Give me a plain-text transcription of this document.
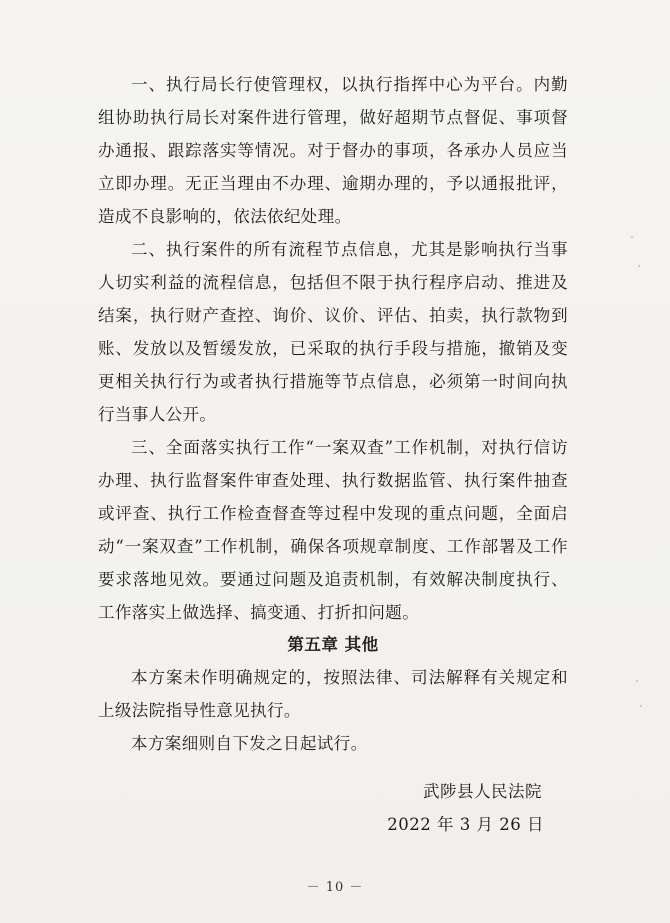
一、执行局长行使管理权，以执行指挥中心为平台。内勤组协助执行局长对案件进行管理，做好超期节点督促、事项督办通报、跟踪落实等情况。对于督办的事项，各承办人员应当立即办理。无正当理由不办理、逾期办理的，予以通报批评，造成不良影响的，依法依纪处理。

二、执行案件的所有流程节点信息，尤其是影响执行当事人切实利益的流程信息，包括但不限于执行程序启动、推进及结案，执行财产查控、询价、议价、评估、拍卖，执行款物到账、发放以及暂缓发放，已采取的执行手段与措施，撤销及变更相关执行行为或者执行措施等节点信息，必须第一时间向执行当事人公开。

三、全面落实执行工作“一案双查”工作机制，对执行信访办理、执行监督案件审查处理、执行数据监管、执行案件抽查或评查、执行工作检查督查等过程中发现的重点问题，全面启动“一案双查”工作机制，确保各项规章制度、工作部署及工作要求落地见效。要通过问题及追责机制，有效解决制度执行、工作落实上做选择、搞变通、打折扣问题。

第五章 其他

本方案未作明确规定的，按照法律、司法解释有关规定和上级法院指导性意见执行。

本方案细则自下发之日起试行。

武陟县人民法院
2022 年 3 月 26 日
－ 10 －
